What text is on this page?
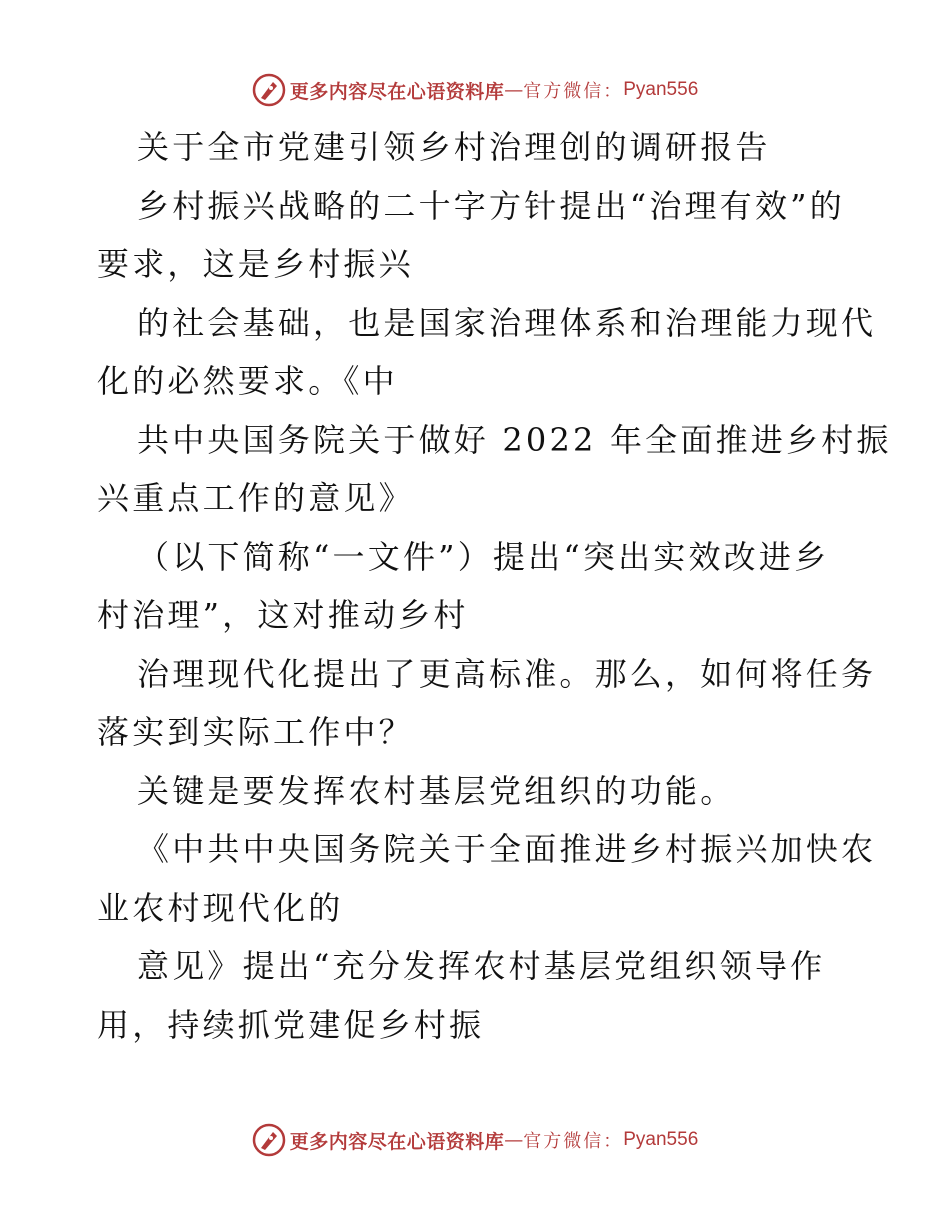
更多内容尽在心语资料库 — 官方微信 ： Pyan556
关于全市党建引领乡村治理创的调研报告
乡村振兴战略的二十字方针提出“治理有效”的
要求，这是乡村振兴
的社会基础，也是国家治理体系和治理能力现代
化的必然要求。《中
共中央国务院关于做好 2022 年全面推进乡村振
兴重点工作的意见》
（以下简称“一文件”）提出“突出实效改进乡
村治理”，这对推动乡村
治理现代化提出了更高标准。那么，如何将任务
落实到实际工作中？
关键是要发挥农村基层党组织的功能。
《中共中央国务院关于全面推进乡村振兴加快农
业农村现代化的
意见》提出“充分发挥农村基层党组织领导作
用，持续抓党建促乡村振
更多内容尽在心语资料库 — 官方微信 ： Pyan556
